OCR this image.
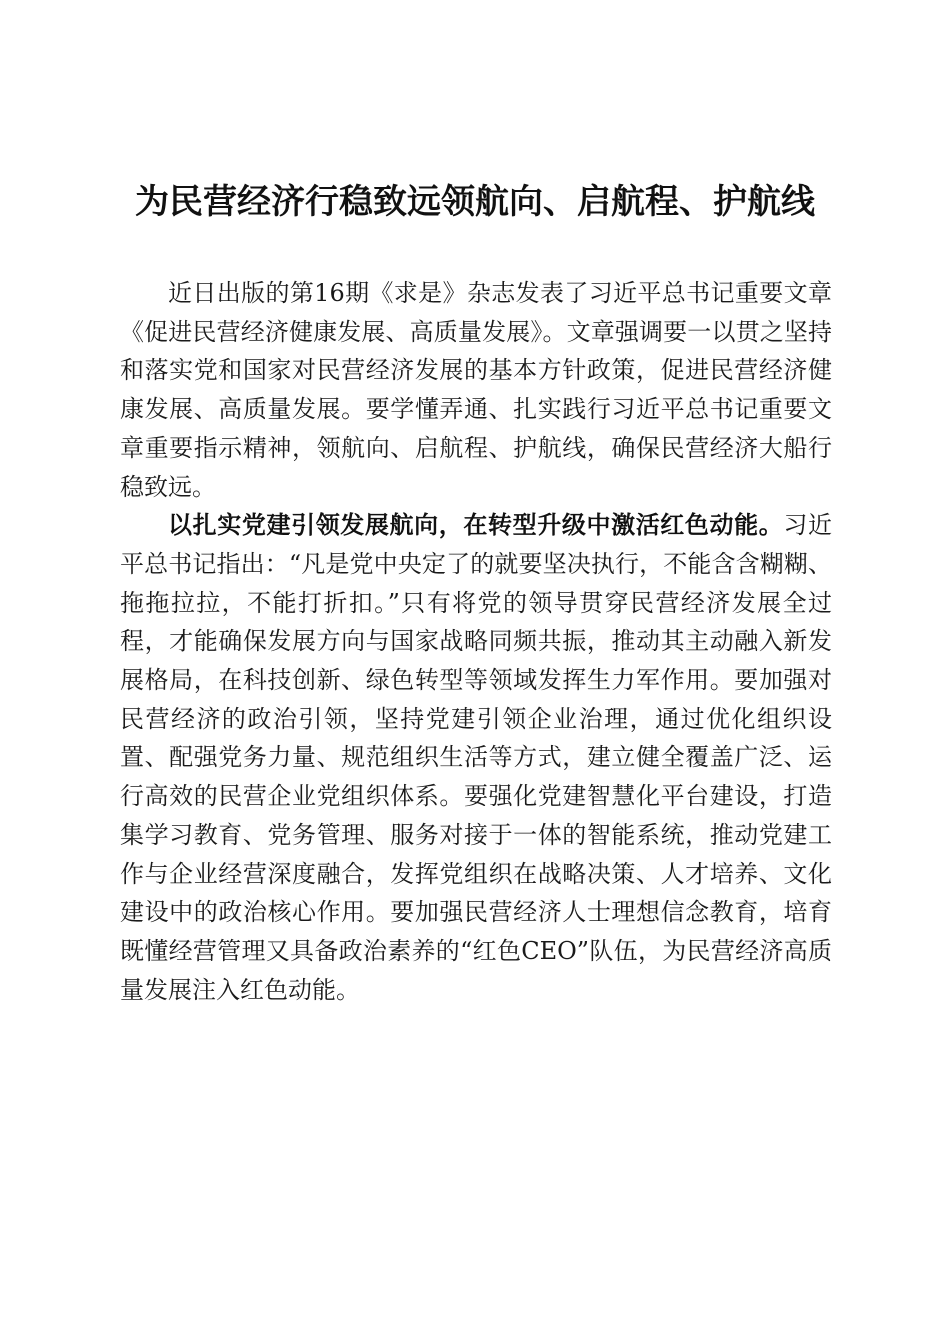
为民营经济行稳致远领航向、启航程、护航线

近日出版的第16期《求是》杂志发表了习近平总书记重要文章《促进民营经济健康发展、高质量发展》。文章强调要一以贯之坚持和落实党和国家对民营经济发展的基本方针政策，促进民营经济健康发展、高质量发展。要学懂弄通、扎实践行习近平总书记重要文章重要指示精神，领航向、启航程、护航线，确保民营经济大船行稳致远。

以扎实党建引领发展航向，在转型升级中激活红色动能。习近平总书记指出：“凡是党中央定了的就要坚决执行，不能含含糊糊、拖拖拉拉，不能打折扣。”只有将党的领导贯穿民营经济发展全过程，才能确保发展方向与国家战略同频共振，推动其主动融入新发展格局，在科技创新、绿色转型等领域发挥生力军作用。要加强对民营经济的政治引领，坚持党建引领企业治理，通过优化组织设置、配强党务力量、规范组织生活等方式，建立健全覆盖广泛、运行高效的民营企业党组织体系。要强化党建智慧化平台建设，打造集学习教育、党务管理、服务对接于一体的智能系统，推动党建工作与企业经营深度融合，发挥党组织在战略决策、人才培养、文化建设中的政治核心作用。要加强民营经济人士理想信念教育，培育既懂经营管理又具备政治素养的“红色CEO”队伍，为民营经济高质量发展注入红色动能。
